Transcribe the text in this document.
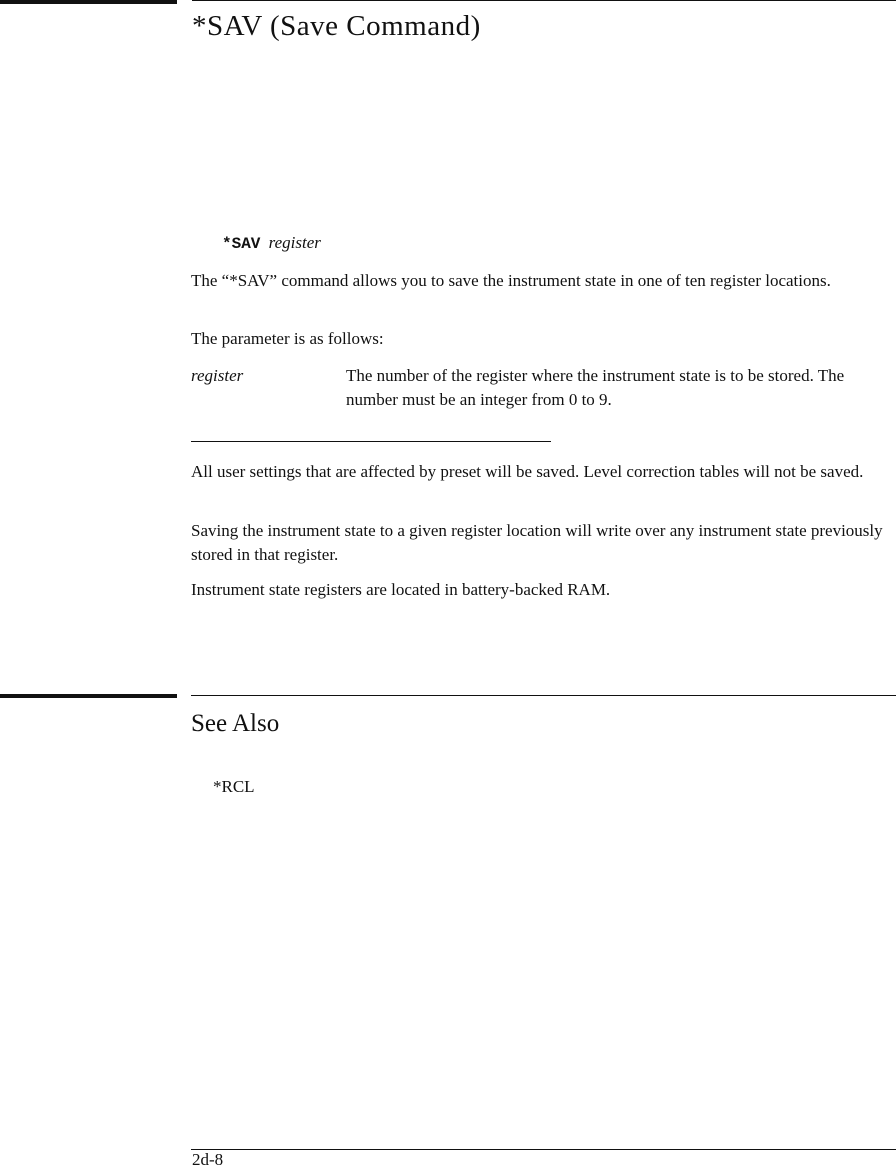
*SAV (Save Command)
*SAV register

The “*SAV” command allows you to save the instrument state in one of ten register locations.

The parameter is as follows:

register	The number of the register where the instrument state is to be stored. The number must be an integer from 0 to 9.

All user settings that are affected by preset will be saved. Level correction tables will not be saved.

Saving the instrument state to a given register location will write over any instrument state previously stored in that register.

Instrument state registers are located in battery-backed RAM.

See Also
*RCL
2d-8
